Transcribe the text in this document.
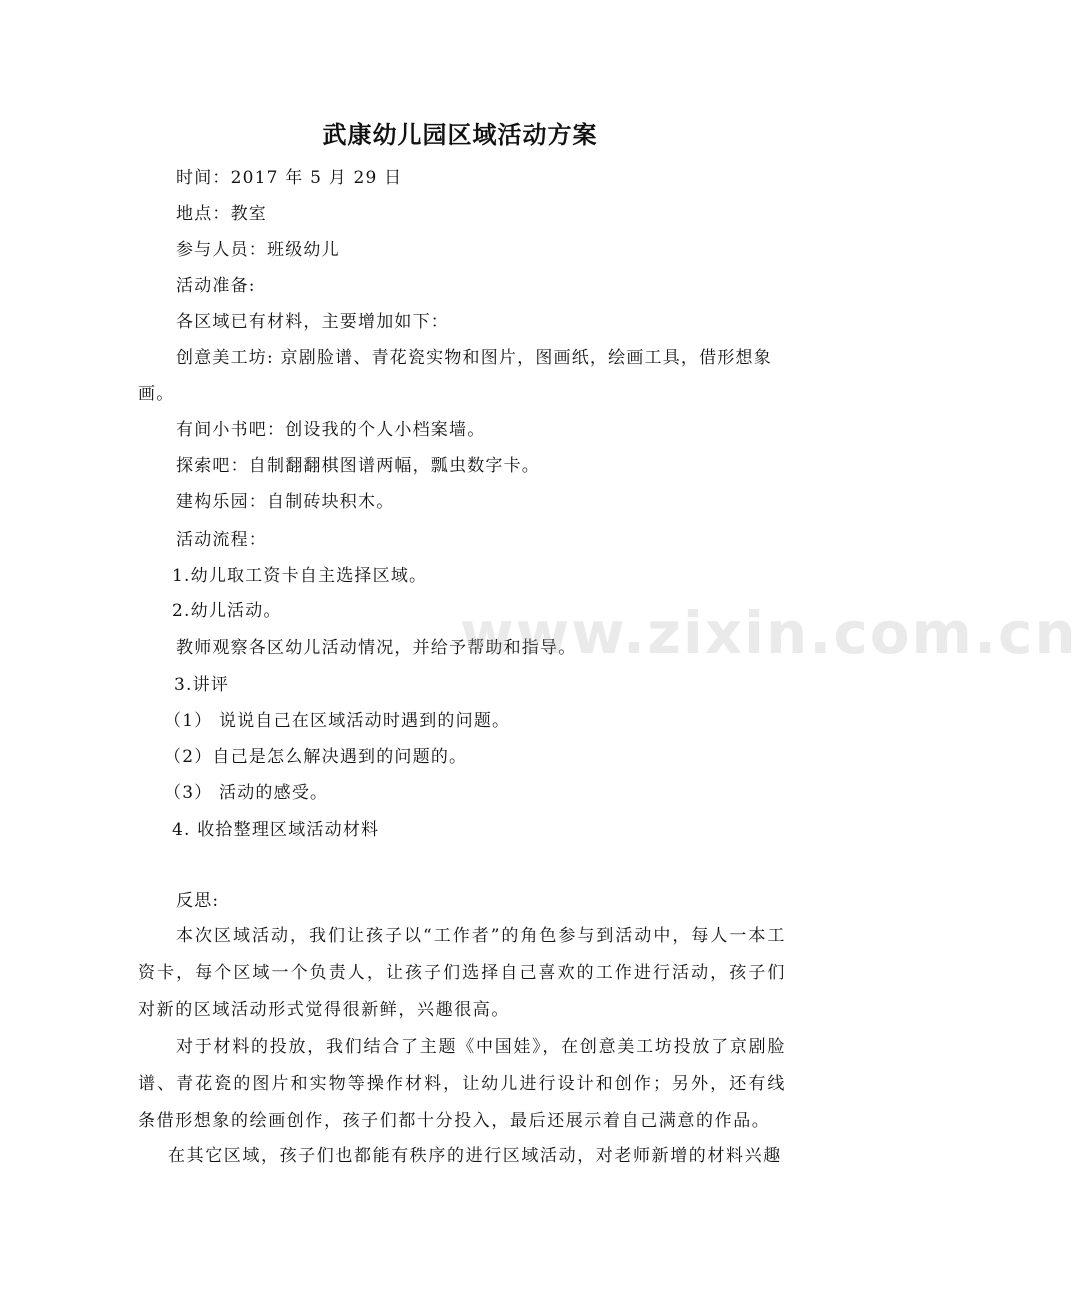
武康幼儿园区域活动方案
时间：2017 年 5 月 29 日
地点：教室
参与人员：班级幼儿
活动准备:
各区域已有材料，主要增加如下：
创意美工坊: 京剧脸谱、青花瓷实物和图片，图画纸，绘画工具，借形想象
画。
有间小书吧：创设我的个人小档案墙。
探索吧：自制翻翻棋图谱两幅，瓢虫数字卡。
建构乐园：自制砖块积木。
活动流程：
1.幼儿取工资卡自主选择区域。
2.幼儿活动。
教师观察各区幼儿活动情况，并给予帮助和指导。
3.讲评
（1） 说说自己在区域活动时遇到的问题。
（2）自己是怎么解决遇到的问题的。
（3） 活动的感受。
4. 收拾整理区域活动材料
反思:
本次区域活动，我们让孩子以“工作者”的角色参与到活动中，每人一本工资卡，每个区域一个负责人，让孩子们选择自己喜欢的工作进行活动，孩子们对新的区域活动形式觉得很新鲜，兴趣很高。
对于材料的投放，我们结合了主题《中国娃》，在创意美工坊投放了京剧脸谱、青花瓷的图片和实物等操作材料，让幼儿进行设计和创作；另外，还有线条借形想象的绘画创作，孩子们都十分投入，最后还展示着自己满意的作品。
在其它区域，孩子们也都能有秩序的进行区域活动，对老师新增的材料兴趣
www.zixin.com.cn
